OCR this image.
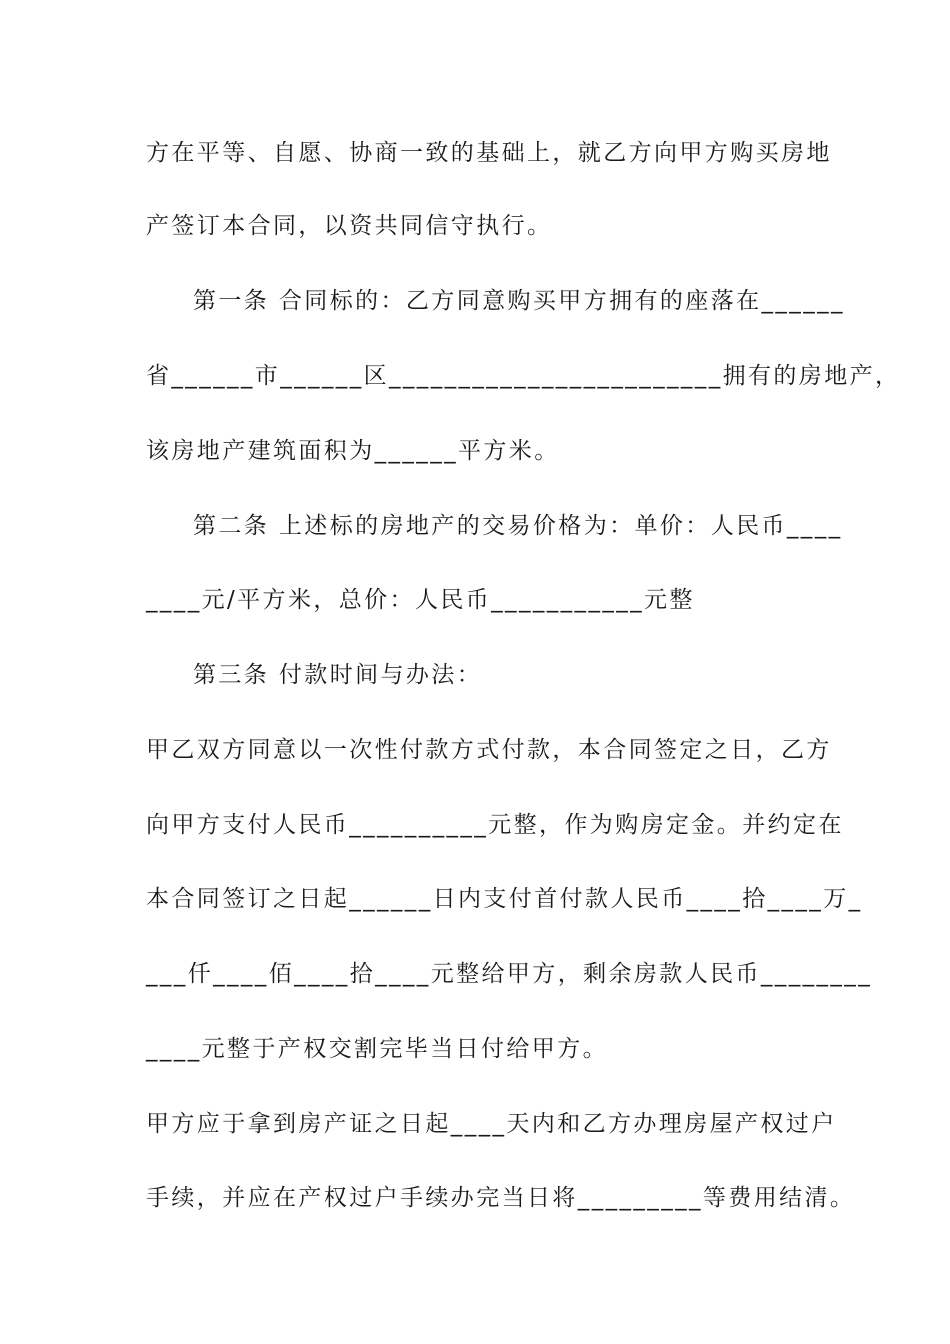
方在平等、自愿、协商一致的基础上，就乙方向甲方购买房地
产签订本合同，以资共同信守执行。
第一条 合同标的：乙方同意购买甲方拥有的座落在______
省______市______区________________________拥有的房地产，
该房地产建筑面积为______平方米。
第二条 上述标的房地产的交易价格为：单价：人民币____
____元/平方米，总价：人民币___________元整
第三条 付款时间与办法：
甲乙双方同意以一次性付款方式付款，本合同签定之日，乙方
向甲方支付人民币__________元整，作为购房定金。并约定在
本合同签订之日起______日内支付首付款人民币____拾____万_
___仟____佰____拾____元整给甲方，剩余房款人民币________
____元整于产权交割完毕当日付给甲方。
甲方应于拿到房产证之日起____天内和乙方办理房屋产权过户
手续，并应在产权过户手续办完当日将_________等费用结清。
